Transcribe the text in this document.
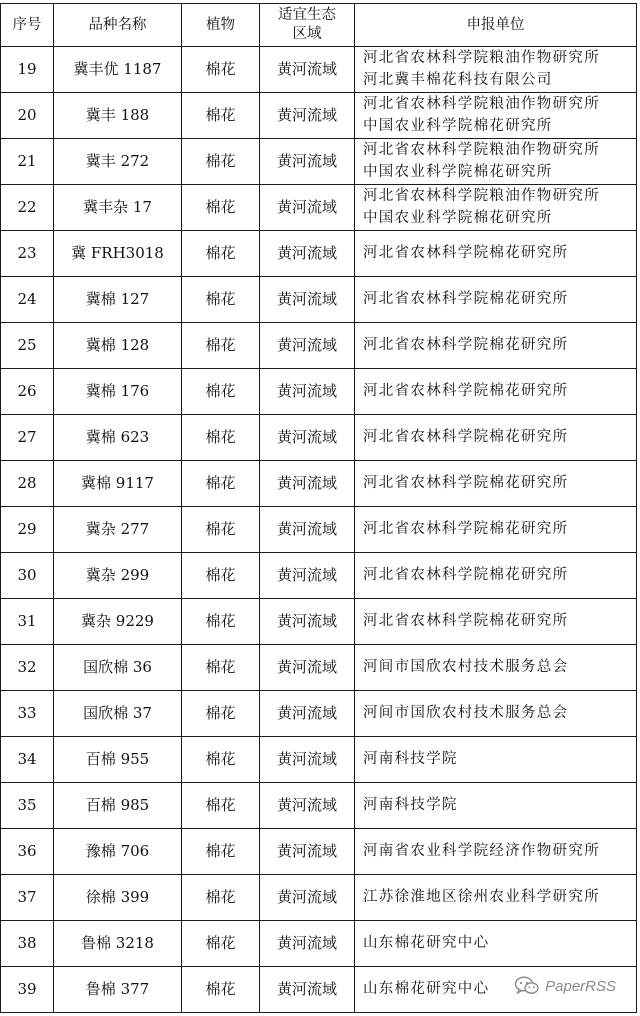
序号	品种名称	植物	适宜生态区域	申报单位
19	冀丰优 1187	棉花	黄河流域	河北省农林科学院粮油作物研究所
河北冀丰棉花科技有限公司

20	冀丰 188	棉花	黄河流域	河北省农林科学院粮油作物研究所
中国农业科学院棉花研究所

21	冀丰 272	棉花	黄河流域	河北省农林科学院粮油作物研究所
中国农业科学院棉花研究所

22	冀丰杂 17	棉花	黄河流域	河北省农林科学院粮油作物研究所
中国农业科学院棉花研究所

23	冀 FRH3018	棉花	黄河流域	河北省农林科学院棉花研究所

24	冀棉 127	棉花	黄河流域	河北省农林科学院棉花研究所

25	冀棉 128	棉花	黄河流域	河北省农林科学院棉花研究所

26	冀棉 176	棉花	黄河流域	河北省农林科学院棉花研究所

27	冀棉 623	棉花	黄河流域	河北省农林科学院棉花研究所

28	冀棉 9117	棉花	黄河流域	河北省农林科学院棉花研究所

29	冀杂 277	棉花	黄河流域	河北省农林科学院棉花研究所

30	冀杂 299	棉花	黄河流域	河北省农林科学院棉花研究所

31	冀杂 9229	棉花	黄河流域	河北省农林科学院棉花研究所

32	国欣棉 36	棉花	黄河流域	河间市国欣农村技术服务总会

33	国欣棉 37	棉花	黄河流域	河间市国欣农村技术服务总会

34	百棉 955	棉花	黄河流域	河南科技学院

35	百棉 985	棉花	黄河流域	河南科技学院

36	豫棉 706	棉花	黄河流域	河南省农业科学院经济作物研究所

37	徐棉 399	棉花	黄河流域	江苏徐淮地区徐州农业科学研究所

38	鲁棉 3218	棉花	黄河流域	山东棉花研究中心

39	鲁棉 377	棉花	黄河流域	山东棉花研究中心	PaperRSS
